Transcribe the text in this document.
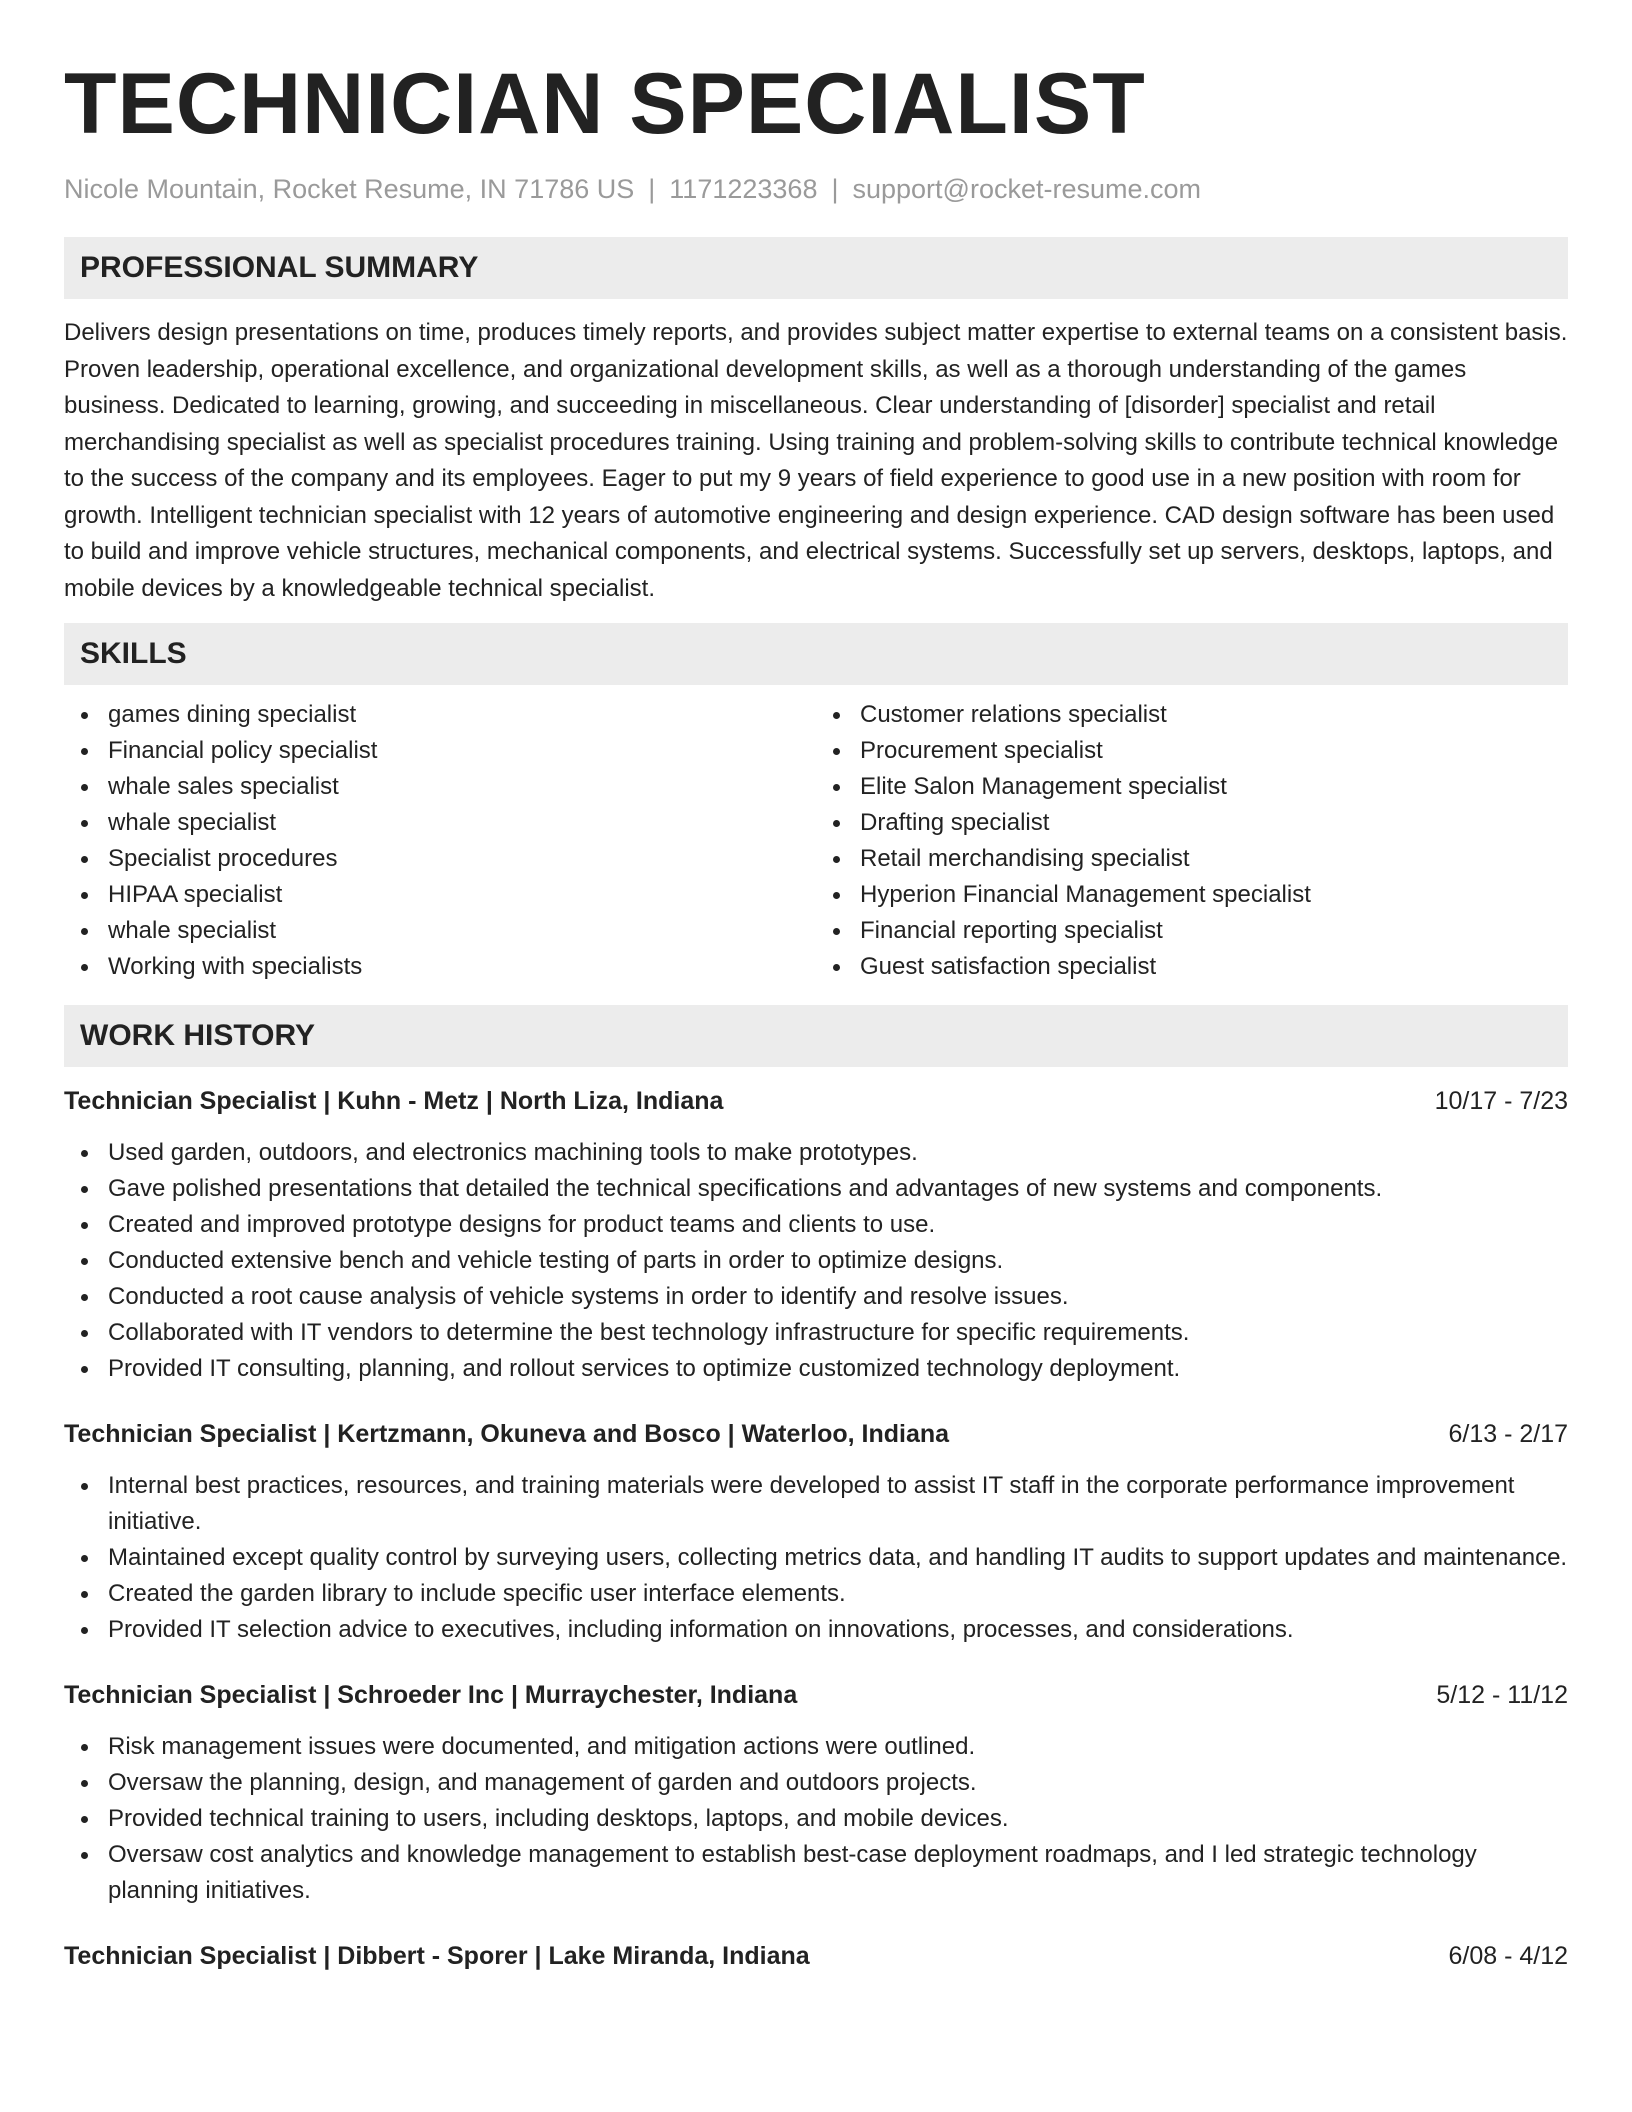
TECHNICIAN SPECIALIST
Nicole Mountain, Rocket Resume, IN 71786 US | 1171223368 | support@rocket-resume.com
PROFESSIONAL SUMMARY

Delivers design presentations on time, produces timely reports, and provides subject matter expertise to external teams on a consistent basis. Proven leadership, operational excellence, and organizational development skills, as well as a thorough understanding of the games business. Dedicated to learning, growing, and succeeding in miscellaneous. Clear understanding of [disorder] specialist and retail merchandising specialist as well as specialist procedures training. Using training and problem-solving skills to contribute technical knowledge to the success of the company and its employees. Eager to put my 9 years of field experience to good use in a new position with room for growth. Intelligent technician specialist with 12 years of automotive engineering and design experience. CAD design software has been used to build and improve vehicle structures, mechanical components, and electrical systems. Successfully set up servers, desktops, laptops, and mobile devices by a knowledgeable technical specialist.

SKILLS
games dining specialist
Financial policy specialist
whale sales specialist
whale specialist
Specialist procedures
HIPAA specialist
whale specialist
Working with specialists
Customer relations specialist
Procurement specialist
Elite Salon Management specialist
Drafting specialist
Retail merchandising specialist
Hyperion Financial Management specialist
Financial reporting specialist
Guest satisfaction specialist
WORK HISTORY
Technician Specialist | Kuhn - Metz | North Liza, Indiana	10/17 - 7/23
Used garden, outdoors, and electronics machining tools to make prototypes.
Gave polished presentations that detailed the technical specifications and advantages of new systems and components.
Created and improved prototype designs for product teams and clients to use.
Conducted extensive bench and vehicle testing of parts in order to optimize designs.
Conducted a root cause analysis of vehicle systems in order to identify and resolve issues.
Collaborated with IT vendors to determine the best technology infrastructure for specific requirements.
Provided IT consulting, planning, and rollout services to optimize customized technology deployment.
Technician Specialist | Kertzmann, Okuneva and Bosco | Waterloo, Indiana	6/13 - 2/17
Internal best practices, resources, and training materials were developed to assist IT staff in the corporate performance improvement initiative.
Maintained except quality control by surveying users, collecting metrics data, and handling IT audits to support updates and maintenance.
Created the garden library to include specific user interface elements.
Provided IT selection advice to executives, including information on innovations, processes, and considerations.
Technician Specialist | Schroeder Inc | Murraychester, Indiana	5/12 - 11/12
Risk management issues were documented, and mitigation actions were outlined.
Oversaw the planning, design, and management of garden and outdoors projects.
Provided technical training to users, including desktops, laptops, and mobile devices.
Oversaw cost analytics and knowledge management to establish best-case deployment roadmaps, and I led strategic technology planning initiatives.
Technician Specialist | Dibbert - Sporer | Lake Miranda, Indiana	6/08 - 4/12
